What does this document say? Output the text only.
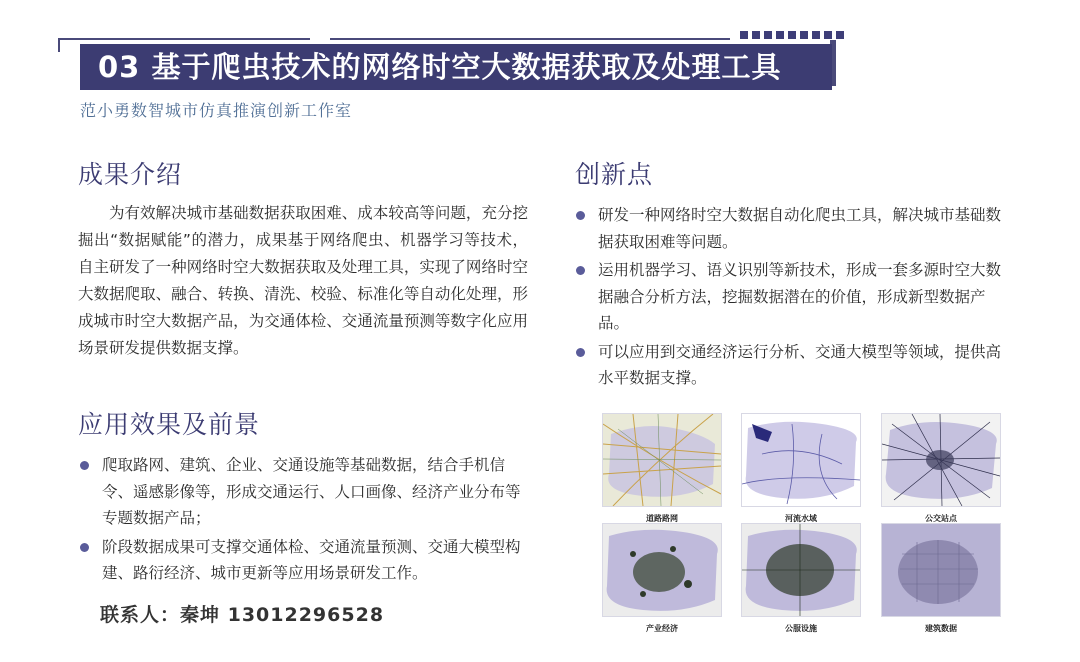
03 基于爬虫技术的网络时空大数据获取及处理工具
范小勇数智城市仿真推演创新工作室
成果介绍

为有效解决城市基础数据获取困难、成本较高等问题，充分挖掘出“数据赋能”的潜力，成果基于网络爬虫、机器学习等技术，自主研发了一种网络时空大数据获取及处理工具，实现了网络时空大数据爬取、融合、转换、清洗、校验、标准化等自动化处理，形成城市时空大数据产品，为交通体检、交通流量预测等数字化应用场景研发提供数据支撑。

应用效果及前景
爬取路网、建筑、企业、交通设施等基础数据，结合手机信令、遥感影像等，形成交通运行、人口画像、经济产业分布等专题数据产品；
阶段数据成果可支撑交通体检、交通流量预测、交通大模型构建、路衍经济、城市更新等应用场景研发工作。
联系人：秦坤 13012296528
创新点
研发一种网络时空大数据自动化爬虫工具，解决城市基础数据获取困难等问题。
运用机器学习、语义识别等新技术，形成一套多源时空大数据融合分析方法，挖掘数据潜在的价值，形成新型数据产品。
可以应用到交通经济运行分析、交通大模型等领域，提供高水平数据支撑。
道路路网	河流水域	公交站点
产业经济	公服设施	建筑数据
